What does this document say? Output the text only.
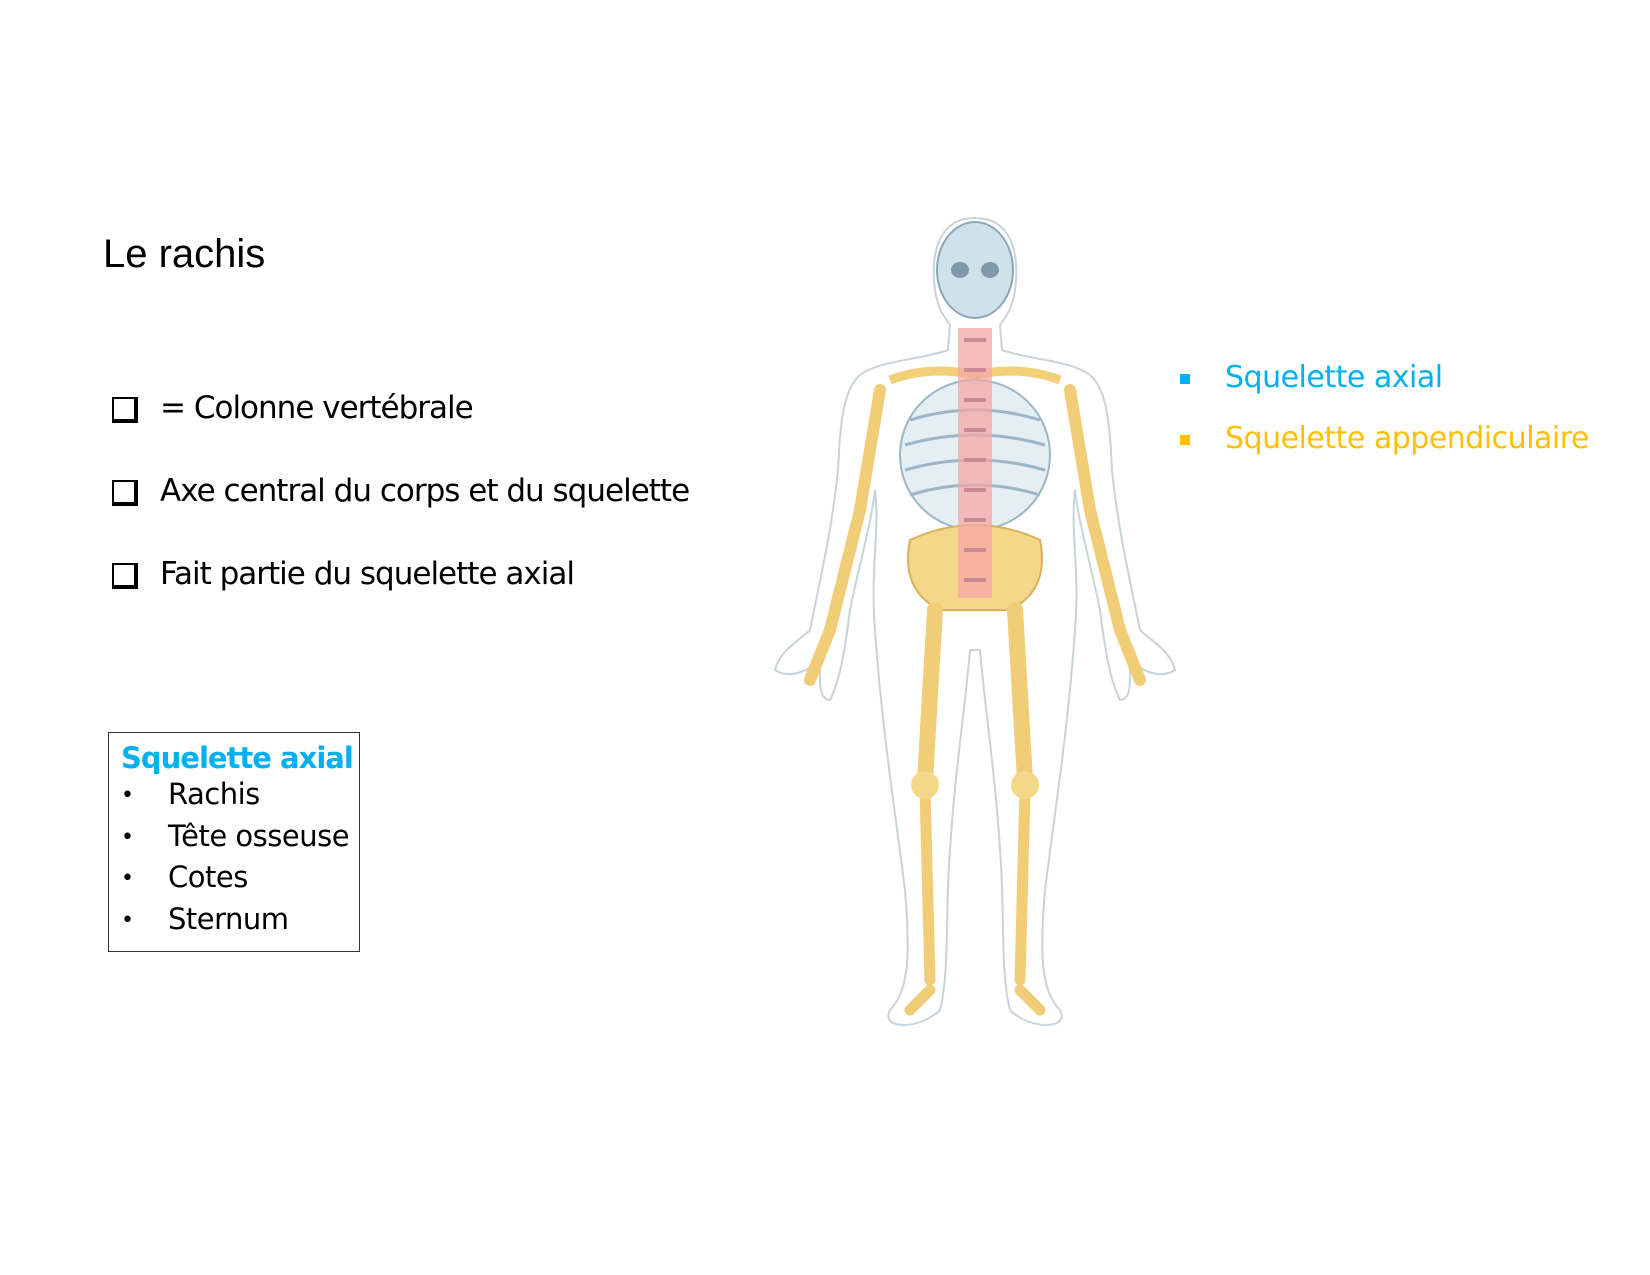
Le rachis
= Colonne vertébrale
Axe central du corps et du squelette
Fait partie du squelette axial
Squelette axial
•	Rachis
•	Tête osseuse
•	Cotes
•	Sternum
Squelette axial
Squelette appendiculaire
